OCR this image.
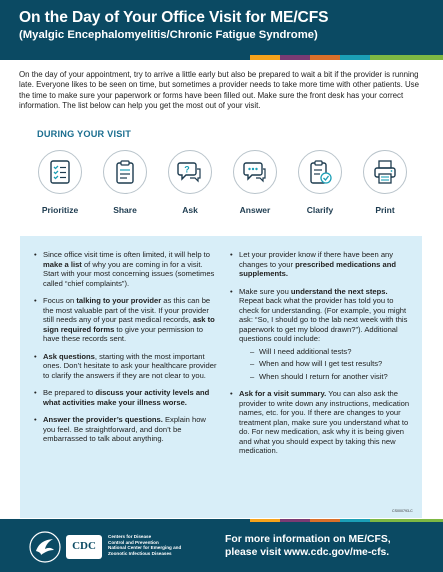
On the Day of Your Office Visit for ME/CFS
(Myalgic Encephalomyelitis/Chronic Fatigue Syndrome)

On the day of your appointment, try to arrive a little early but also be prepared to wait a bit if the provider is running late. Everyone likes to be seen on time, but sometimes a provider needs to take more time with other patients. Use the time to make sure your paperwork or forms have been filled out. Make sure the front desk has your correct information. The list below can help you get the most out of your visit.

DURING YOUR VISIT
Prioritize	Share
?
Ask	Answer	Clarify	Print

• Since office visit time is often limited, it will help to make a list of why you are coming in for a visit. Start with your most concerning issues (sometimes called “chief complaints”).

• Focus on talking to your provider as this can be the most valuable part of the visit. If your provider still needs any of your past medical records, ask to sign required forms to give your permission to have these records sent.

• Ask questions, starting with the most important ones. Don’t hesitate to ask your healthcare provider to clarify the answers if they are not clear to you.

• Be prepared to discuss your activity levels and what activities make your illness worse.

• Answer the provider’s questions. Explain how you feel. Be straightforward, and don’t be embarrassed to talk about anything.

• Let your provider know if there have been any changes to your prescribed medications and supplements.

• Make sure you understand the next steps. Repeat back what the provider has told you to check for understanding. (For example, you might ask: “So, I should go to the lab next week with this paperwork to get my blood drawn?”). Additional questions could include:

– Will I need additional tests?

– When and how will I get test results?

– When should I return for another visit?

• Ask for a visit summary. You can also ask the provider to write down any instructions, medication names, etc. for you. If there are changes to your treatment plan, make sure you understand what to do. For new medication, ask why it is being given and what you should expect by taking this new medication.

CS000793-C
CDC
Centers for Disease
Control and Prevention
National Center for Emerging and
Zoonotic Infectious Diseases
For more information on ME/CFS,
please visit www.cdc.gov/me-cfs.
